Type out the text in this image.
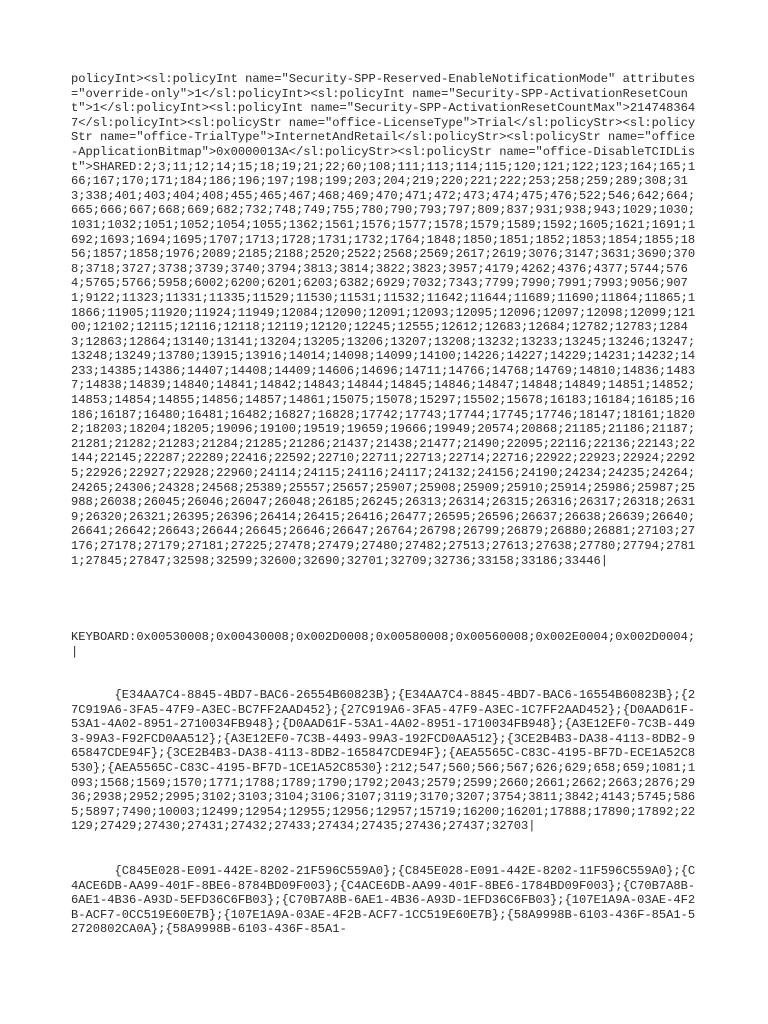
policyInt><sl:policyInt name="Security-SPP-Reserved-EnableNotificationMode" attributes="override-only">1</sl:policyInt><sl:policyInt name="Security-SPP-ActivationResetCount">1</sl:policyInt><sl:policyInt name="Security-SPP-ActivationResetCountMax">2147483647</sl:policyInt><sl:policyStr name="office-LicenseType">Trial</sl:policyStr><sl:policyStr name="office-TrialType">InternetAndRetail</sl:policyStr><sl:policyStr name="office-ApplicationBitmap">0x0000013A</sl:policyStr><sl:policyStr name="office-DisableTCIDList">SHARED:2;3;11;12;14;15;18;19;21;22;60;108;111;113;114;115;120;121;122;123;164;165;166;167;170;171;184;186;196;197;198;199;203;204;219;220;221;222;253;258;259;289;308;313;338;401;403;404;408;455;465;467;468;469;470;471;472;473;474;475;476;522;546;642;664;665;666;667;668;669;682;732;748;749;755;780;790;793;797;809;837;931;938;943;1029;1030;1031;1032;1051;1052;1054;1055;1362;1561;1576;1577;1578;1579;1589;1592;1605;1621;1691;1692;1693;1694;1695;1707;1713;1728;1731;1732;1764;1848;1850;1851;1852;1853;1854;1855;1856;1857;1858;1976;2089;2185;2188;2520;2522;2568;2569;2617;2619;3076;3147;3631;3690;3708;3718;3727;3738;3739;3740;3794;3813;3814;3822;3823;3957;4179;4262;4376;4377;5744;5764;5765;5766;5958;6002;6200;6201;6203;6382;6929;7032;7343;7799;7990;7991;7993;9056;9071;9122;11323;11331;11335;11529;11530;11531;11532;11642;11644;11689;11690;11864;11865;11866;11905;11920;11924;11949;12084;12090;12091;12093;12095;12096;12097;12098;12099;12100;12102;12115;12116;12118;12119;12120;12245;12555;12612;12683;12684;12782;12783;12843;12863;12864;13140;13141;13204;13205;13206;13207;13208;13232;13233;13245;13246;13247;13248;13249;13780;13915;13916;14014;14098;14099;14100;14226;14227;14229;14231;14232;14233;14385;14386;14407;14408;14409;14606;14696;14711;14766;14768;14769;14810;14836;14837;14838;14839;14840;14841;14842;14843;14844;14845;14846;14847;14848;14849;14851;14852;14853;14854;14855;14856;14857;14861;15075;15078;15297;15502;15678;16183;16184;16185;16186;16187;16480;16481;16482;16827;16828;17742;17743;17744;17745;17746;18147;18161;18202;18203;18204;18205;19096;19100;19519;19659;19666;19949;20574;20868;21185;21186;21187;21281;21282;21283;21284;21285;21286;21437;21438;21477;21490;22095;22116;22136;22143;22144;22145;22287;22289;22416;22592;22710;22711;22713;22714;22716;22922;22923;22924;22925;22926;22927;22928;22960;24114;24115;24116;24117;24132;24156;24190;24234;24235;24264;24265;24306;24328;24568;25389;25557;25657;25907;25908;25909;25910;25914;25986;25987;25988;26038;26045;26046;26047;26048;26185;26245;26313;26314;26315;26316;26317;26318;26319;26320;26321;26395;26396;26414;26415;26416;26477;26595;26596;26637;26638;26639;26640;26641;26642;26643;26644;26645;26646;26647;26764;26798;26799;26879;26880;26881;27103;27176;27178;27179;27181;27225;27478;27479;27480;27482;27513;27613;27638;27780;27794;27811;27845;27847;32598;32599;32600;32690;32701;32709;32736;33158;33186;33446|

KEYBOARD:0x00530008;0x00430008;0x002D0008;0x00580008;0x00560008;0x002E0004;0x002D0004;|

{E34AA7C4-8845-4BD7-BAC6-26554B60823B};{E34AA7C4-8845-4BD7-BAC6-16554B60823B};{27C919A6-3FA5-47F9-A3EC-BC7FF2AAD452};{27C919A6-3FA5-47F9-A3EC-1C7FF2AAD452};{D0AAD61F-53A1-4A02-8951-2710034FB948};{D0AAD61F-53A1-4A02-8951-1710034FB948};{A3E12EF0-7C3B-4493-99A3-F92FCD0AA512};{A3E12EF0-7C3B-4493-99A3-192FCD0AA512};{3CE2B4B3-DA38-4113-8DB2-965847CDE94F};{3CE2B4B3-DA38-4113-8DB2-165847CDE94F};{AEA5565C-C83C-4195-BF7D-ECE1A52C8530};{AEA5565C-C83C-4195-BF7D-1CE1A52C8530}:212;547;560;566;567;626;629;658;659;1081;1093;1568;1569;1570;1771;1788;1789;1790;1792;2043;2579;2599;2660;2661;2662;2663;2876;2936;2938;2952;2995;3102;3103;3104;3106;3107;3119;3170;3207;3754;3811;3842;4143;5745;5865;5897;7490;10003;12499;12954;12955;12956;12957;15719;16200;16201;17888;17890;17892;22129;27429;27430;27431;27432;27433;27434;27435;27436;27437;32703|

{C845E028-E091-442E-8202-21F596C559A0};{C845E028-E091-442E-8202-11F596C559A0};{C4ACE6DB-AA99-401F-8BE6-8784BD09F003};{C4ACE6DB-AA99-401F-8BE6-1784BD09F003};{C70B7A8B-6AE1-4B36-A93D-5EFD36C6FB03};{C70B7A8B-6AE1-4B36-A93D-1EFD36C6FB03};{107E1A9A-03AE-4F2B-ACF7-0CC519E60E7B};{107E1A9A-03AE-4F2B-ACF7-1CC519E60E7B};{58A9998B-6103-436F-85A1-52720802CA0A};{58A9998B-6103-436F-85A1-
